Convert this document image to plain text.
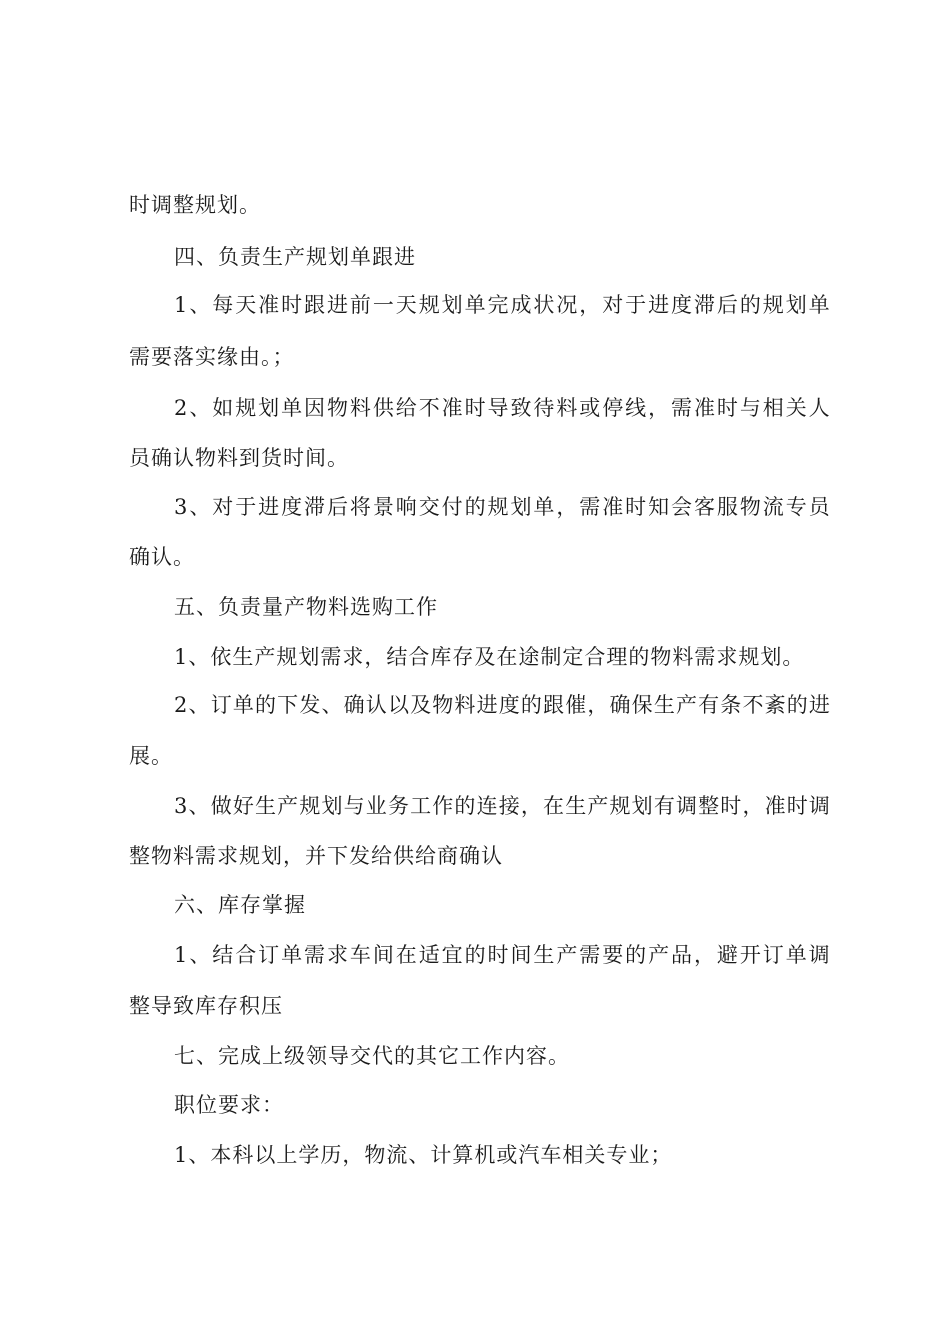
时调整规划。
四、负责生产规划单跟进
1 、 每 天 准 时 跟 进 前 一 天 规 划 单 完 成 状 况 ， 对 于 进 度 滞 后 的 规 划 单
需要落实缘由。；
2 、 如 规 划 单 因 物 料 供 给 不 准 时 导 致 待 料 或 停 线 ， 需 准 时 与 相 关 人
员确认物料到货时间。
3 、 对 于 进 度 滞 后 将 景 响 交 付 的 规 划 单 ， 需 准 时 知 会 客 服 物 流 专 员
确认。
五、负责量产物料选购工作
1、依生产规划需求，结合库存及在途制定合理的物料需求规划。
2 、 订 单 的 下 发 、 确 认 以 及 物 料 进 度 的 跟 催 ， 确 保 生 产 有 条 不 紊 的 进
展。
3 、 做 好 生 产 规 划 与 业 务 工 作 的 连 接 ， 在 生 产 规 划 有 调 整 时 ， 准 时 调
整物料需求规划，并下发给供给商确认
六、库存掌握
1 、 结 合 订 单 需 求 车 间 在 适 宜 的 时 间 生 产 需 要 的 产 品 ， 避 开 订 单 调
整导致库存积压
七、完成上级领导交代的其它工作内容。
职位要求：
1、本科以上学历，物流、计算机或汽车相关专业；
